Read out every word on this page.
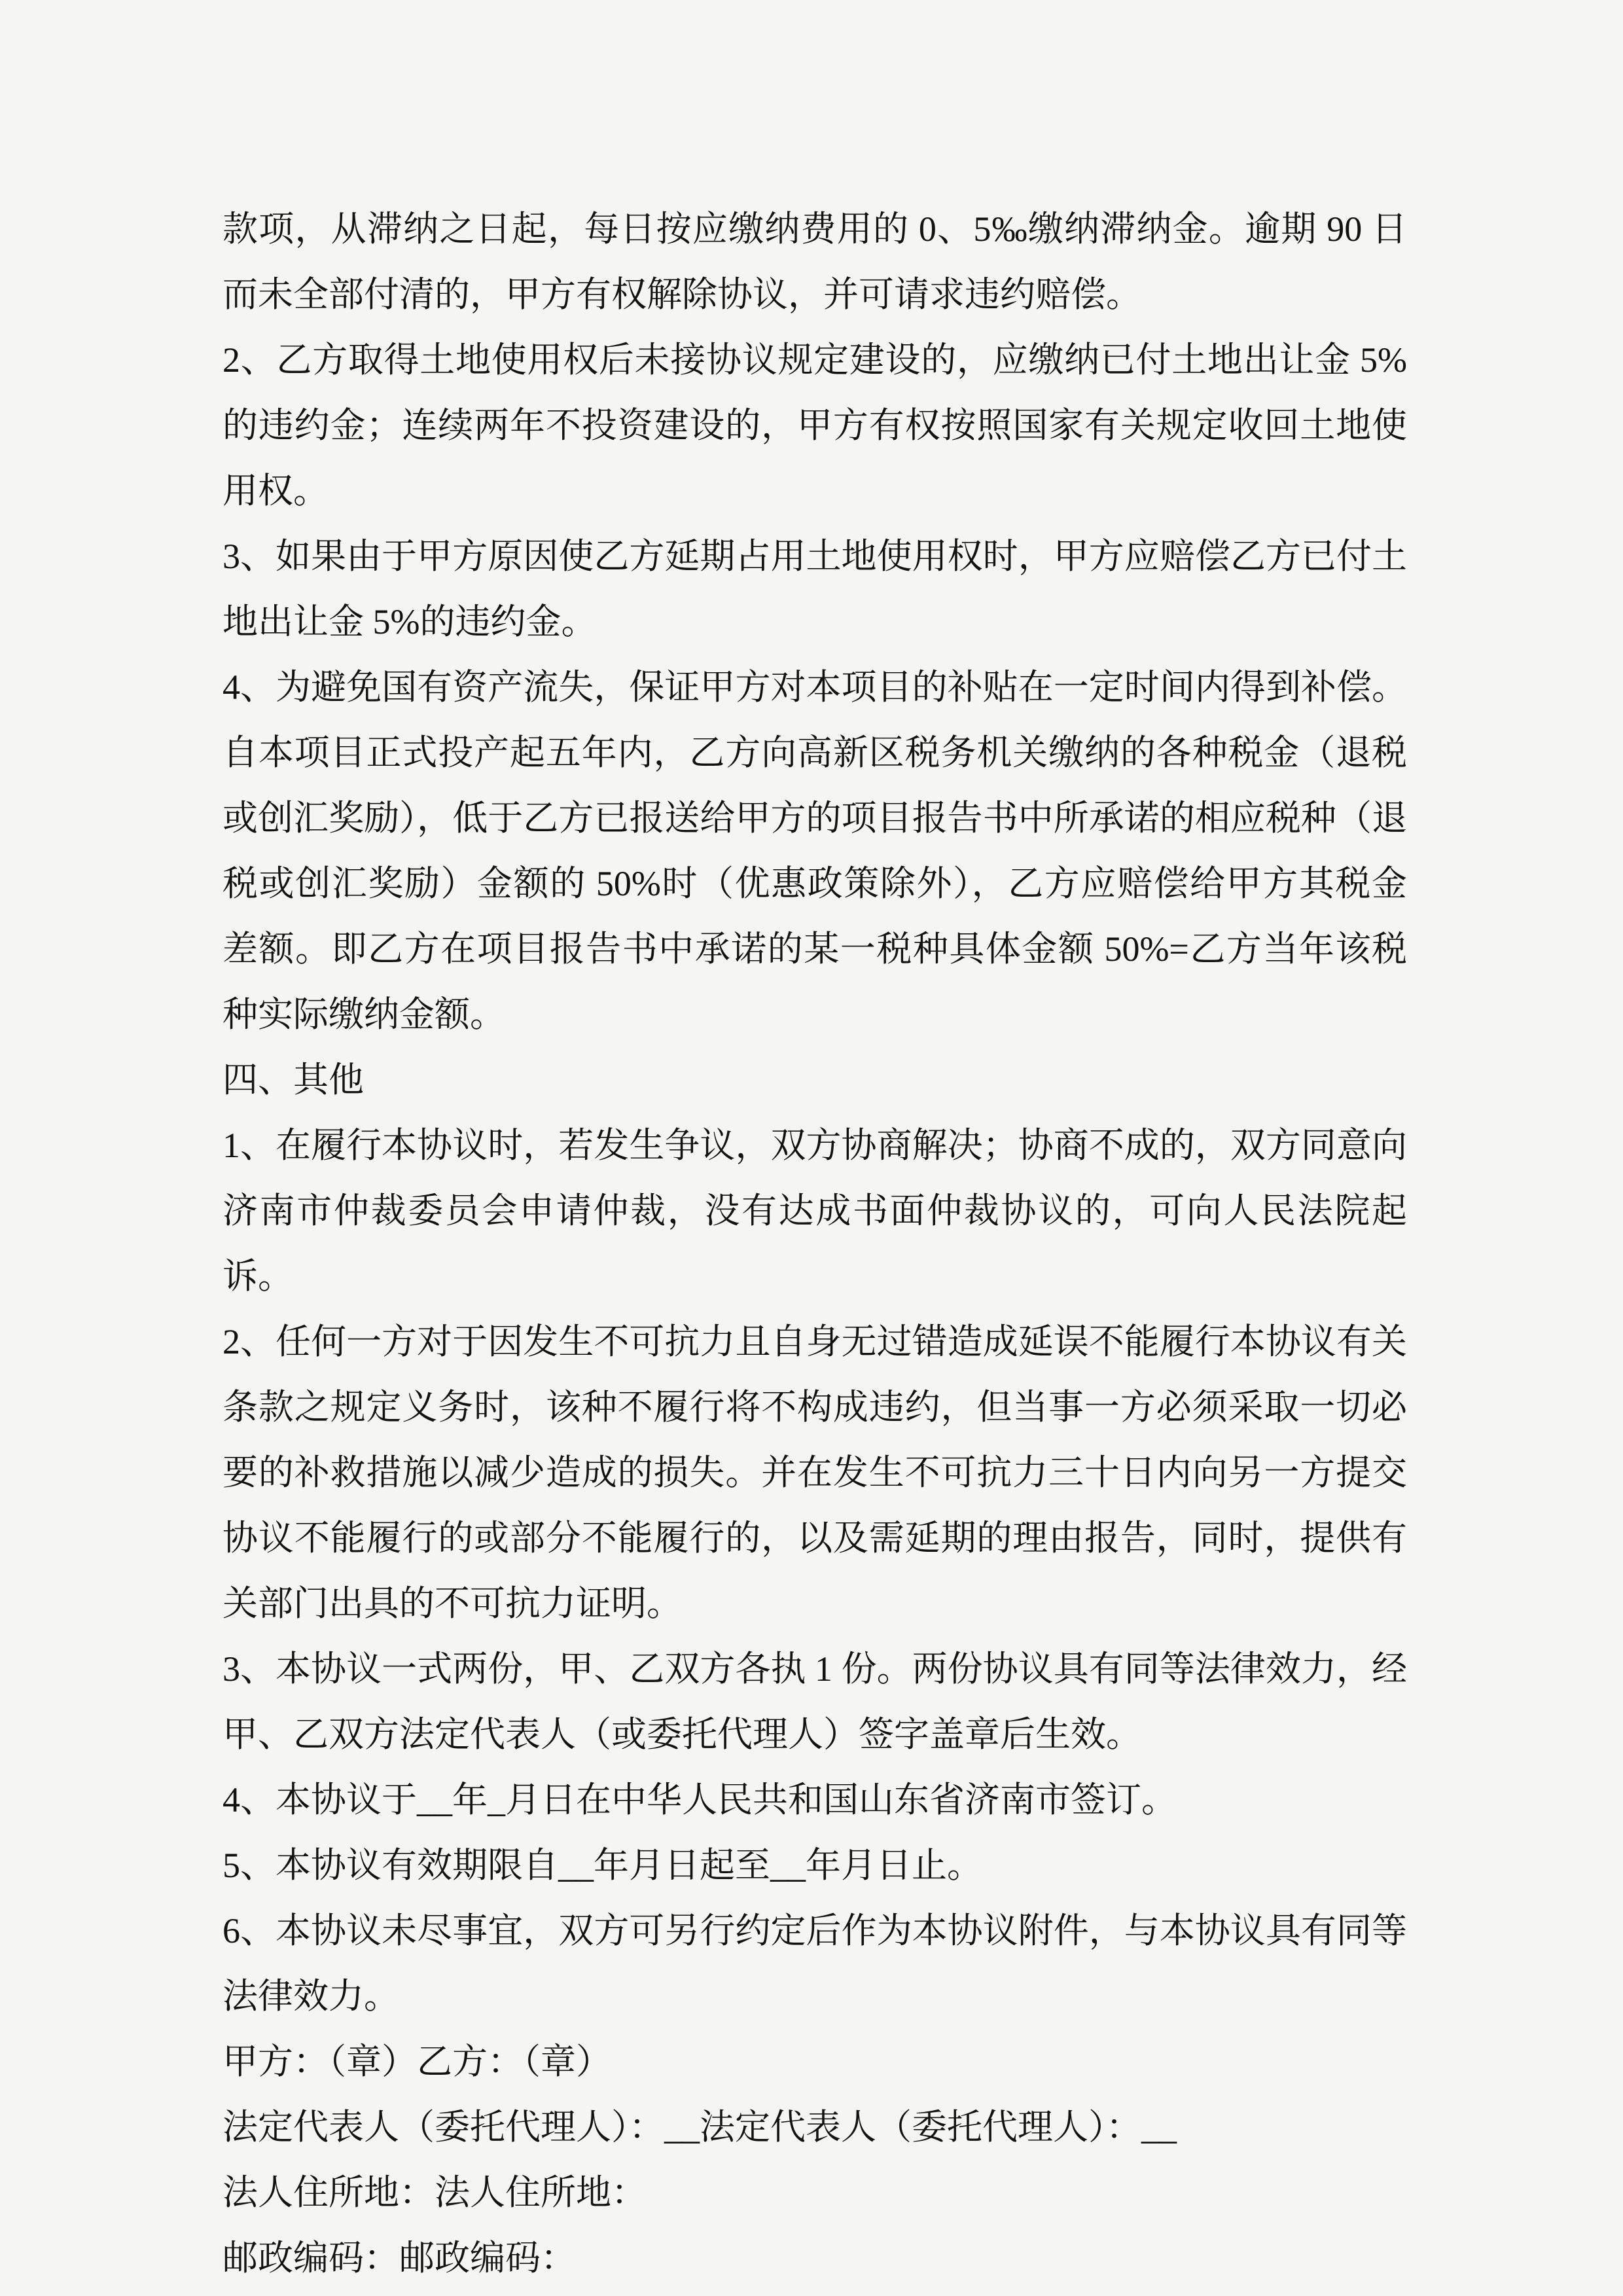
款项，从滞纳之日起，每日按应缴纳费用的 0、5‰缴纳滞纳金。逾期 90 日而未全部付清的，甲方有权解除协议，并可请求违约赔偿。

2、乙方取得土地使用权后未接协议规定建设的，应缴纳已付土地出让金 5%的违约金；连续两年不投资建设的，甲方有权按照国家有关规定收回土地使用权。

3、如果由于甲方原因使乙方延期占用土地使用权时，甲方应赔偿乙方已付土地出让金 5%的违约金。

4、为避免国有资产流失，保证甲方对本项目的补贴在一定时间内得到补偿。自本项目正式投产起五年内，乙方向高新区税务机关缴纳的各种税金（退税或创汇奖励），低于乙方已报送给甲方的项目报告书中所承诺的相应税种（退税或创汇奖励）金额的 50%时（优惠政策除外），乙方应赔偿给甲方其税金差额。即乙方在项目报告书中承诺的某一税种具体金额 50%=乙方当年该税种实际缴纳金额。

四、其他

1、在履行本协议时，若发生争议，双方协商解决；协商不成的，双方同意向济南市仲裁委员会申请仲裁，没有达成书面仲裁协议的，可向人民法院起诉。

2、任何一方对于因发生不可抗力且自身无过错造成延误不能履行本协议有关条款之规定义务时，该种不履行将不构成违约，但当事一方必须采取一切必要的补救措施以减少造成的损失。并在发生不可抗力三十日内向另一方提交协议不能履行的或部分不能履行的，以及需延期的理由报告，同时，提供有关部门出具的不可抗力证明。

3、本协议一式两份，甲、乙双方各执 1 份。两份协议具有同等法律效力，经甲、乙双方法定代表人（或委托代理人）签字盖章后生效。

4、本协议于__年_月日在中华人民共和国山东省济南市签订。

5、本协议有效期限自__年月日起至__年月日止。

6、本协议未尽事宜，双方可另行约定后作为本协议附件，与本协议具有同等法律效力。

甲方：（章）乙方：（章）

法定代表人（委托代理人）：__法定代表人（委托代理人）：__

法人住所地：法人住所地：

邮政编码：邮政编码：
